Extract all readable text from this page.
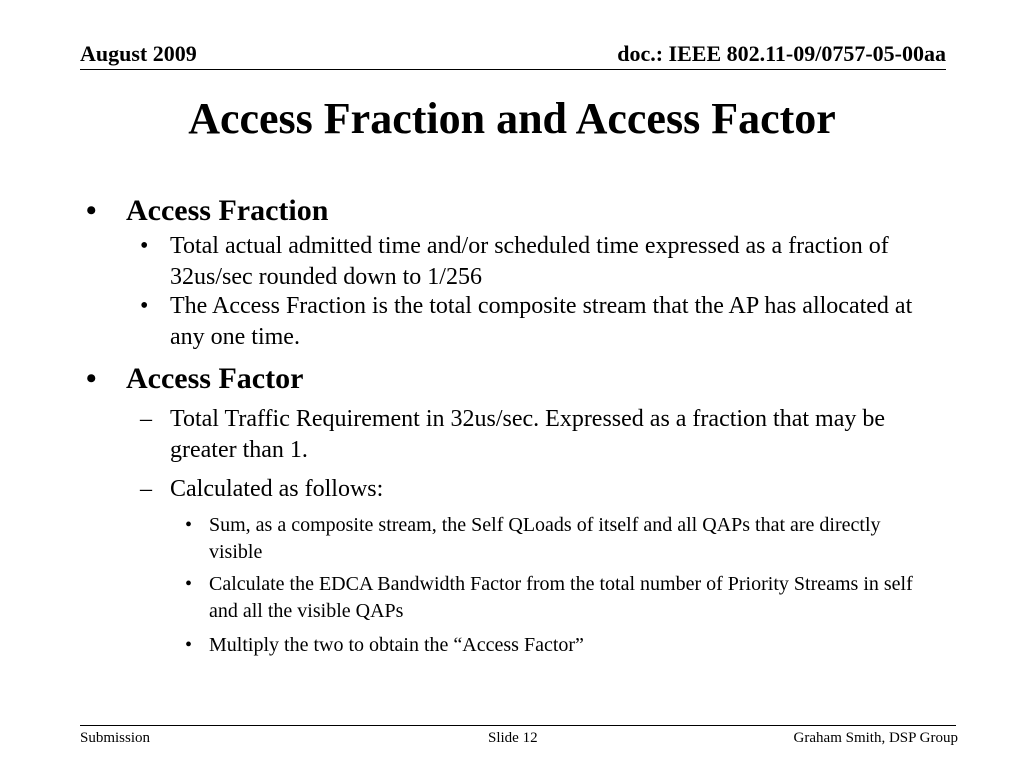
August 2009	doc.: IEEE 802.11-09/0757-05-00aa
Access Fraction and Access Factor
• Access Fraction
• Total actual admitted time and/or scheduled time expressed as a fraction of 32us/sec rounded down to 1/256
• The Access Fraction is the total composite stream that the AP has allocated at any one time.
• Access Factor
– Total Traffic Requirement in 32us/sec. Expressed as a fraction that may be greater than 1.
– Calculated as follows:
• Sum, as a composite stream, the Self QLoads of itself and all QAPs that are directly visible
• Calculate the EDCA Bandwidth Factor from the total number of Priority Streams in self and all the visible QAPs
• Multiply the two to obtain the “Access Factor”
Submission	Slide 12	Graham Smith, DSP Group
